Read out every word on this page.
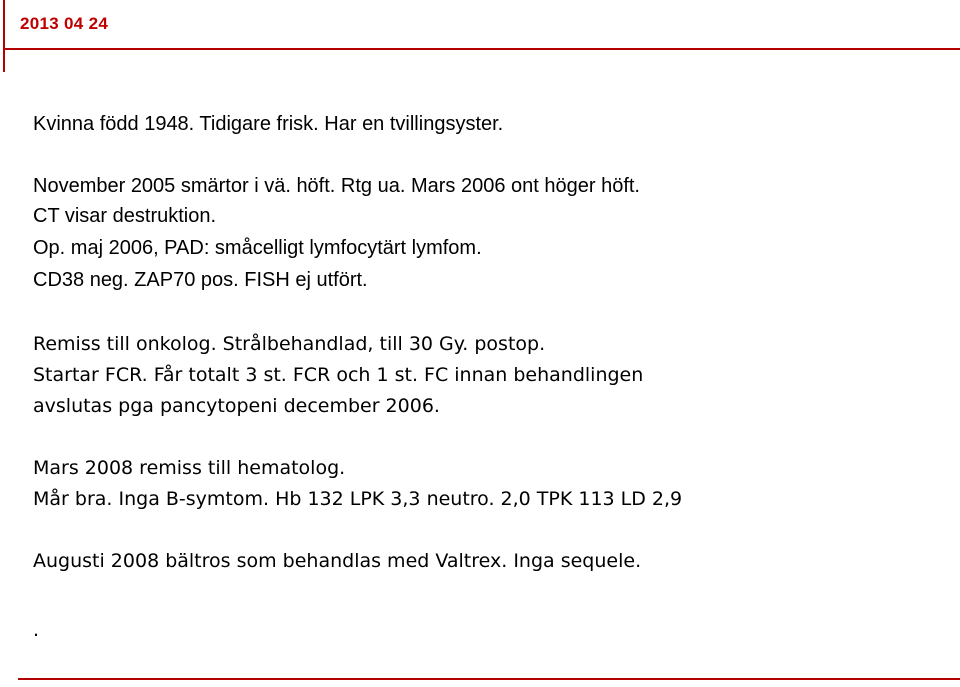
2013 04 24
Kvinna född 1948. Tidigare frisk. Har en tvillingsyster.
November 2005 smärtor i vä. höft. Rtg ua. Mars 2006 ont höger höft.
CT visar destruktion.
Op. maj 2006, PAD: småcelligt lymfocytärt lymfom.
CD38 neg. ZAP70 pos. FISH ej utfört.
Remiss till onkolog. Strålbehandlad, till 30 Gy. postop.
Startar FCR. Får totalt 3 st. FCR och 1 st. FC innan behandlingen
avslutas pga pancytopeni december 2006.
Mars 2008 remiss till hematolog.
Mår bra. Inga B-symtom. Hb 132 LPK 3,3 neutro. 2,0 TPK 113 LD 2,9
Augusti 2008 bältros som behandlas med Valtrex. Inga sequele.
.
